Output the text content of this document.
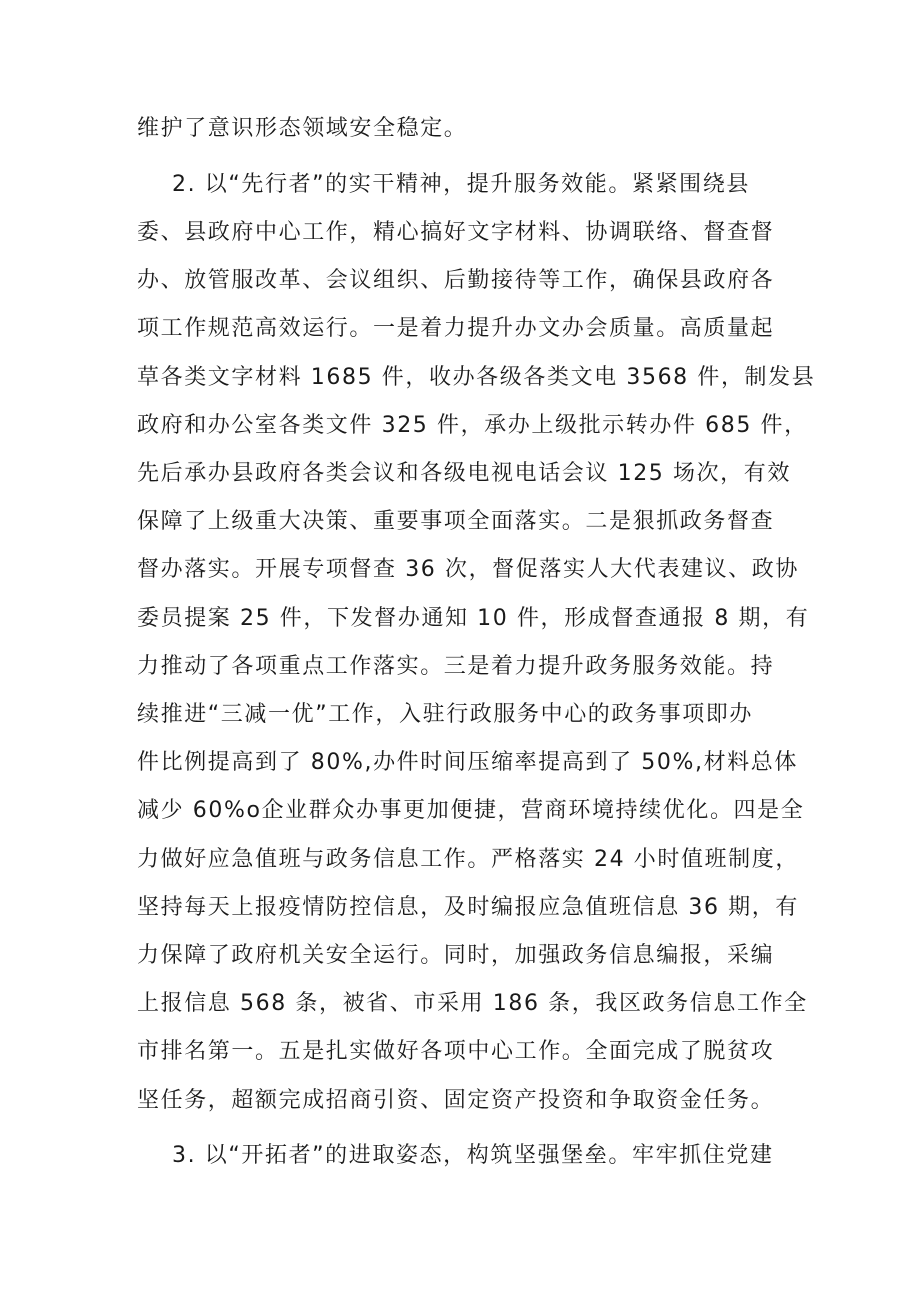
维护了意识形态领域安全稳定。
2. 以“先行者”的实干精神，提升服务效能。紧紧围绕县
委、县政府中心工作，精心搞好文字材料、协调联络、督查督
办、放管服改革、会议组织、后勤接待等工作，确保县政府各
项工作规范高效运行。一是着力提升办文办会质量。高质量起
草各类文字材料 1685 件，收办各级各类文电 3568 件，制发县
政府和办公室各类文件 325 件，承办上级批示转办件 685 件，
先后承办县政府各类会议和各级电视电话会议 125 场次，有效
保障了上级重大决策、重要事项全面落实。二是狠抓政务督查
督办落实。开展专项督查 36 次，督促落实人大代表建议、政协
委员提案 25 件，下发督办通知 10 件，形成督查通报 8 期，有
力推动了各项重点工作落实。三是着力提升政务服务效能。持
续推进“三减一优”工作，入驻行政服务中心的政务事项即办
件比例提高到了 80%,办件时间压缩率提高到了 50%,材料总体
减少 60%o企业群众办事更加便捷，营商环境持续优化。四是全
力做好应急值班与政务信息工作。严格落实 24 小时值班制度，
坚持每天上报疫情防控信息，及时编报应急值班信息 36 期，有
力保障了政府机关安全运行。同时，加强政务信息编报，采编
上报信息 568 条，被省、市采用 186 条，我区政务信息工作全
市排名第一。五是扎实做好各项中心工作。全面完成了脱贫攻
坚任务，超额完成招商引资、固定资产投资和争取资金任务。
3. 以“开拓者”的进取姿态，构筑坚强堡垒。牢牢抓住党建
